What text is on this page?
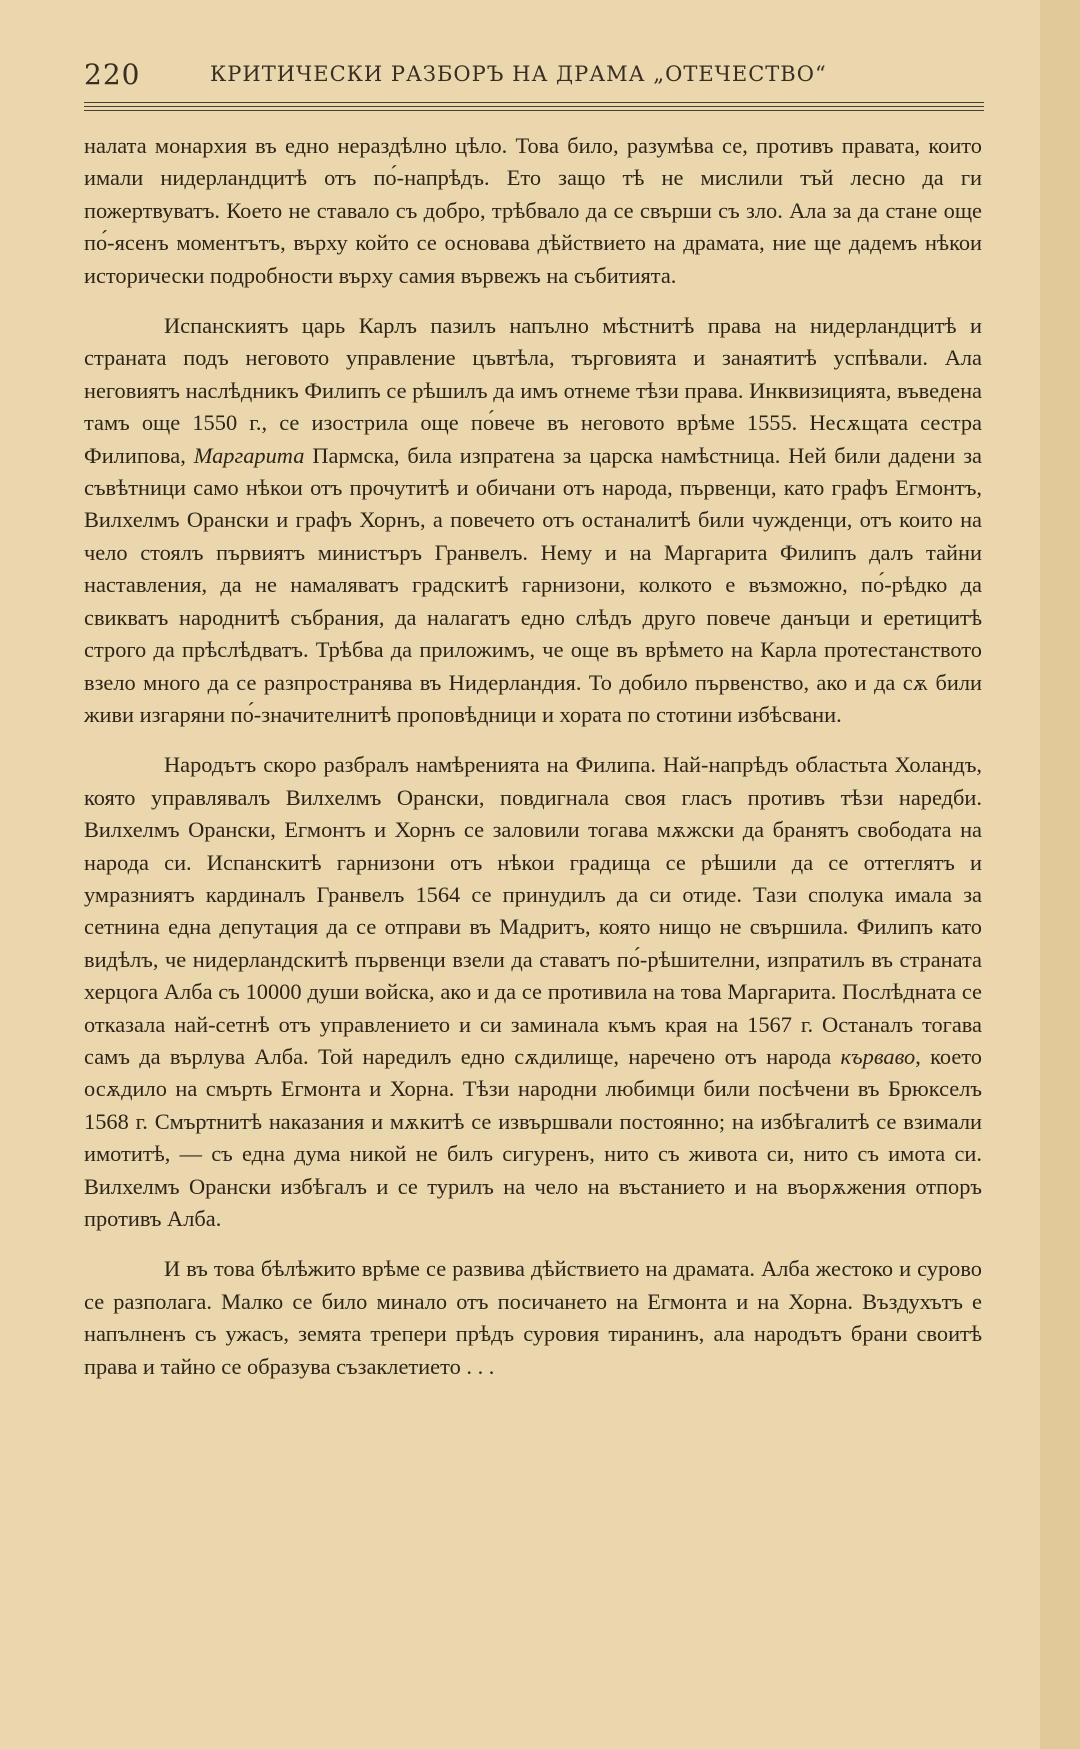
220	КРИТИЧЕСКИ РАЗБОРЪ НА ДРАМА „ОТЕЧЕСТВО“

налата монархия въ едно нераздѣлно цѣло. Това било, разумѣва се, противъ правата, които имали нидерландцитѣ отъ по́-напрѣдъ. Ето защо тѣ не мислили тъй лесно да ги пожертвуватъ. Което не ставало съ добро, трѣбвало да се свърши съ зло. Ала за да стане още по́-ясенъ моментътъ, върху който се основава дѣйствието на драмата, ние ще дадемъ нѣкои исторически подробности върху самия вървежъ на събитията.

Испанскиятъ царь Карлъ пазилъ напълно мѣстнитѣ права на нидерландцитѣ и страната подъ неговото управление цъвтѣла, търговията и занаятитѣ успѣвали. Ала неговиятъ наслѣдникъ Филипъ се рѣшилъ да имъ отнеме тѣзи права. Инквизицията, въведена тамъ още 1550 г., се изострила още по́вече въ неговото врѣме 1555. Несѫщата сестра Филипова, Маргарита Пармска, била изпратена за царска намѣстница. Ней били дадени за съвѣтници само нѣкои отъ прочутитѣ и обичани отъ народа, първенци, като графъ Егмонтъ, Вилхелмъ Орански и графъ Хорнъ, а повечето отъ останалитѣ били чужденци, отъ които на чело стоялъ първиятъ министъръ Гранвелъ. Нему и на Маргарита Филипъ далъ тайни наставления, да не намаляватъ градскитѣ гарнизони, колкото е възможно, по́-рѣдко да свикватъ народнитѣ събрания, да налагатъ едно слѣдъ друго повече данъци и еретицитѣ строго да прѣслѣдватъ. Трѣбва да приложимъ, че още въ врѣмето на Карла протестанството взело много да се разпространява въ Нидерландия. То добило първенство, ако и да сѫ били живи изгаряни по́-значителнитѣ проповѣдници и хората по стотини избѣсвани.

Народътъ скоро разбралъ намѣренията на Филипа. Най-напрѣдъ областьта Холандъ, която управлявалъ Вилхелмъ Орански, повдигнала своя гласъ противъ тѣзи наредби. Вилхелмъ Орански, Егмонтъ и Хорнъ се заловили тогава мѫжски да бранятъ свободата на народа си. Испанскитѣ гарнизони отъ нѣкои градища се рѣшили да се оттеглятъ и умразниятъ кардиналъ Гранвелъ 1564 се принудилъ да си отиде. Тази сполука имала за сетнина една депутация да се отправи въ Мадритъ, която нищо не свършила. Филипъ като видѣлъ, че нидерландскитѣ първенци взели да ставатъ по́-рѣшителни, изпратилъ въ страната херцога Алба съ 10000 души войска, ако и да се противила на това Маргарита. Послѣдната се отказала най-сетнѣ отъ управлението и си заминала къмъ края на 1567 г. Останалъ тогава самъ да върлува Алба. Той наредилъ едно сѫдилище, наречено отъ народа кърваво, което осѫдило на смърть Егмонта и Хорна. Тѣзи народни любимци били посѣчени въ Брюкселъ 1568 г. Смъртнитѣ наказания и мѫкитѣ се извършвали постоянно; на избѣгалитѣ се взимали имотитѣ, — съ една дума никой не билъ сигуренъ, нито съ живота си, нито съ имота си. Вилхелмъ Орански избѣгалъ и се турилъ на чело на въстанието и на въорѫжения отпоръ противъ Алба.

И въ това бѣлѣжито врѣме се развива дѣйствието на драмата. Алба жестоко и сурово се разполага. Малко се било минало отъ посичането на Егмонта и на Хорна. Въздухътъ е напълненъ съ ужасъ, земята трепери прѣдъ суровия тиранинъ, ала народътъ брани своитѣ права и тайно се образува съзаклетието . . .
